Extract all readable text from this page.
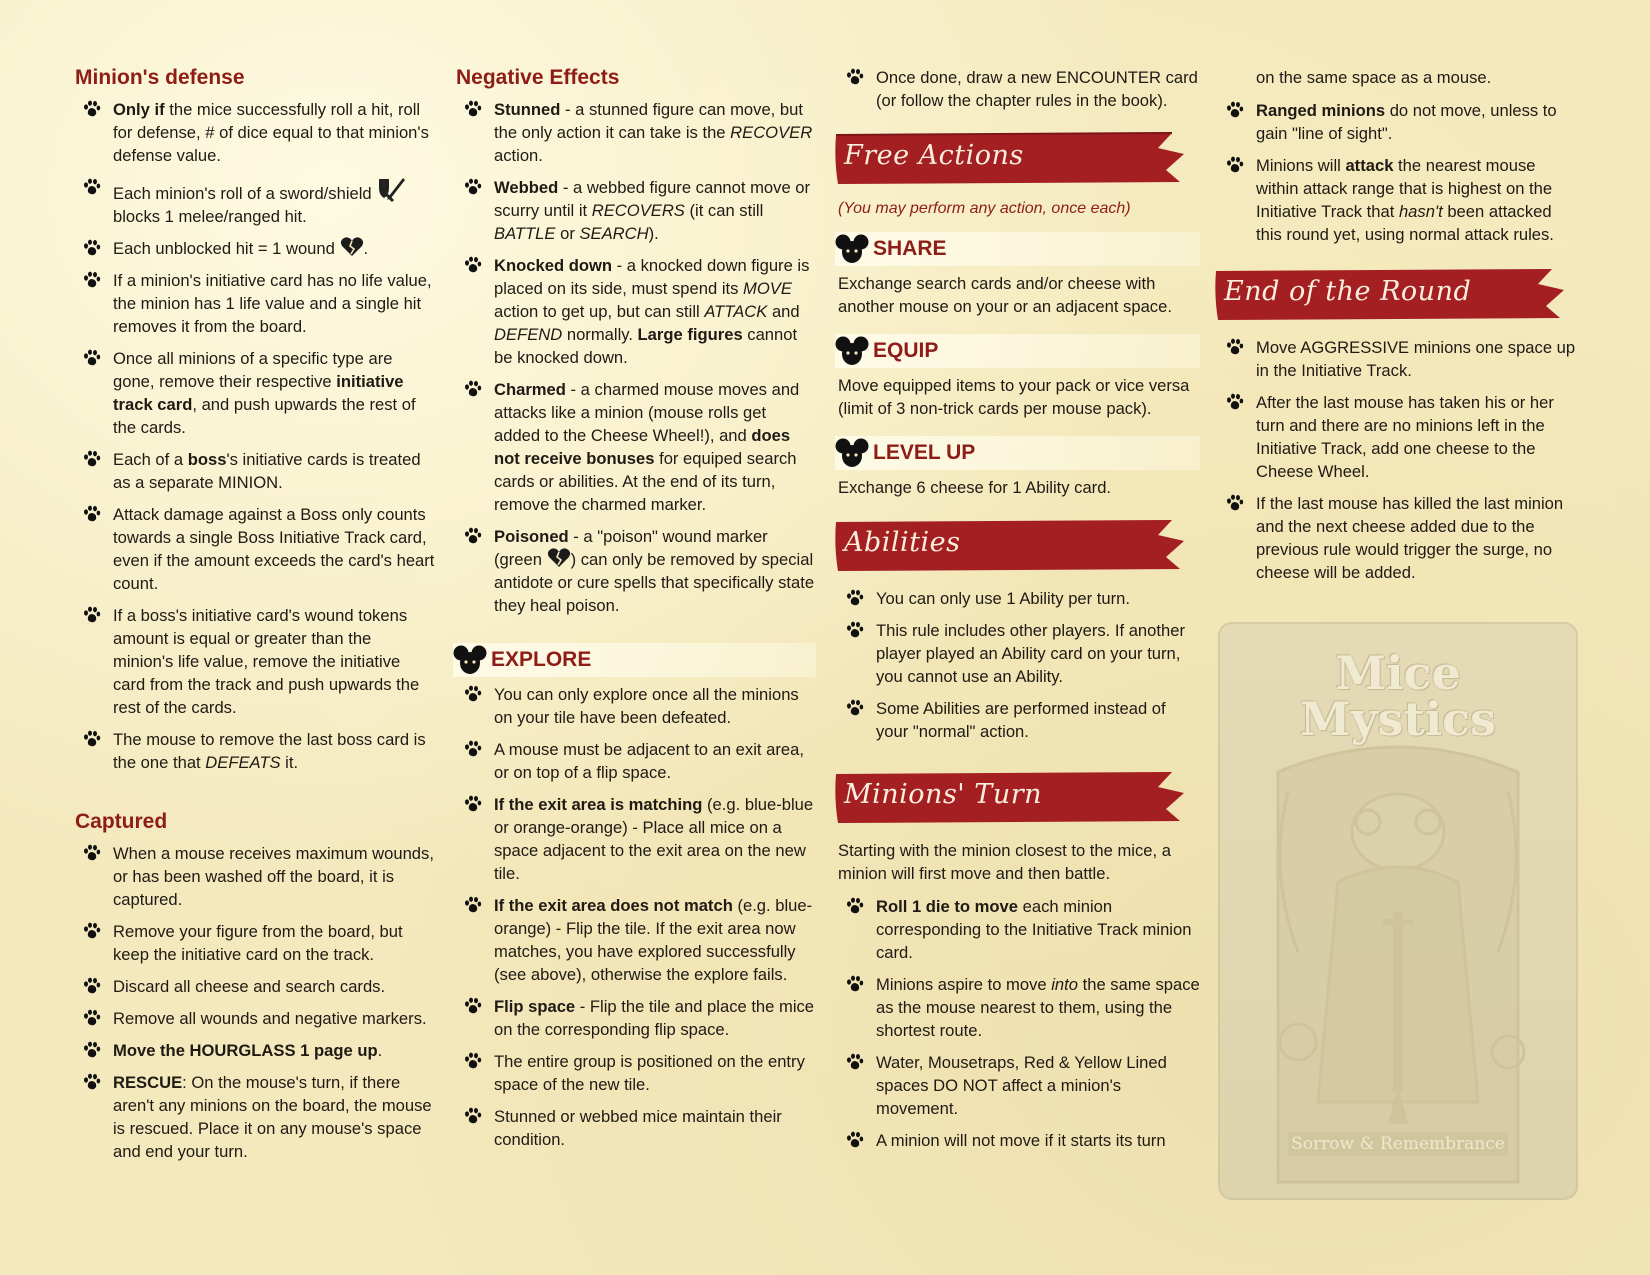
Minion's defense
Only if the mice successfully roll a hit, roll for defense, # of dice equal to that minion's defense value.
Each minion's roll of a sword/shield  blocks 1 melee/ranged hit.
Each unblocked hit = 1 wound .
If a minion's initiative card has no life value, the minion has 1 life value and a single hit removes it from the board.
Once all minions of a specific type are gone, remove their respective initiative track card, and push upwards the rest of the cards.
Each of a boss's initiative cards is treated as a separate MINION.
Attack damage against a Boss only counts towards a single Boss Initiative Track card, even if the amount exceeds the card's heart count.
If a boss's initiative card's wound tokens amount is equal or greater than the minion's life value, remove the initiative card from the track and push upwards the rest of the cards.
The mouse to remove the last boss card is the one that DEFEATS it.
Captured
When a mouse receives maximum wounds, or has been washed off the board, it is captured.
Remove your figure from the board, but keep the initiative card on the track.
Discard all cheese and search cards.
Remove all wounds and negative markers.
Move the HOURGLASS 1 page up.
RESCUE: On the mouse's turn, if there aren't any minions on the board, the mouse is rescued. Place it on any mouse's space and end your turn.
Negative Effects
Stunned - a stunned figure can move, but the only action it can take is the RECOVER action.
Webbed - a webbed figure cannot move or scurry until it RECOVERS (it can still BATTLE or SEARCH).
Knocked down - a knocked down figure is placed on its side, must spend its MOVE action to get up, but can still ATTACK and DEFEND normally. Large figures cannot be knocked down.
Charmed - a charmed mouse moves and attacks like a minion (mouse rolls get added to the Cheese Wheel!), and does not receive bonuses for equiped search cards or abilities. At the end of its turn, remove the charmed marker.
Poisoned - a "poison" wound marker (green ) can only be removed by special antidote or cure spells that specifically state they heal poison.
EXPLORE
You can only explore once all the minions on your tile have been defeated.
A mouse must be adjacent to an exit area, or on top of a flip space.
If the exit area is matching (e.g. blue-blue or orange-orange) - Place all mice on a space adjacent to the exit area on the new tile.
If the exit area does not match (e.g. blue-orange) - Flip the tile. If the exit area now matches, you have explored successfully (see above), otherwise the explore fails.
Flip space - Flip the tile and place the mice on the corresponding flip space.
The entire group is positioned on the entry space of the new tile.
Stunned or webbed mice maintain their condition.
Once done, draw a new ENCOUNTER card (or follow the chapter rules in the book).
Free Actions
(You may perform any action, once each)
SHARE

Exchange search cards and/or cheese with another mouse on your or an adjacent space.

EQUIP

Move equipped items to your pack or vice versa (limit of 3 non-trick cards per mouse pack).

LEVEL UP

Exchange 6 cheese for 1 Ability card.

Abilities
You can only use 1 Ability per turn.
This rule includes other players. If another player played an Ability card on your turn, you cannot use an Ability.
Some Abilities are performed instead of your "normal" action.
Minions' Turn

Starting with the minion closest to the mice, a minion will first move and then battle.

Roll 1 die to move each minion corresponding to the Initiative Track minion card.
Minions aspire to move into the same space as the mouse nearest to them, using the shortest route.
Water, Mousetraps, Red & Yellow Lined spaces DO NOT affect a minion's movement.
A minion will not move if it starts its turn

on the same space as a mouse.

Ranged minions do not move, unless to gain "line of sight".
Minions will attack the nearest mouse within attack range that is highest on the Initiative Track that hasn't been attacked this round yet, using normal attack rules.
End of the Round
Move AGGRESSIVE minions one space up in the Initiative Track.
After the last mouse has taken his or her turn and there are no minions left in the Initiative Track, add one cheese to the Cheese Wheel.
If the last mouse has killed the last minion and the next cheese added due to the previous rule would trigger the surge, no cheese will be added.
Mice
Mystics
Sorrow & Remembrance
